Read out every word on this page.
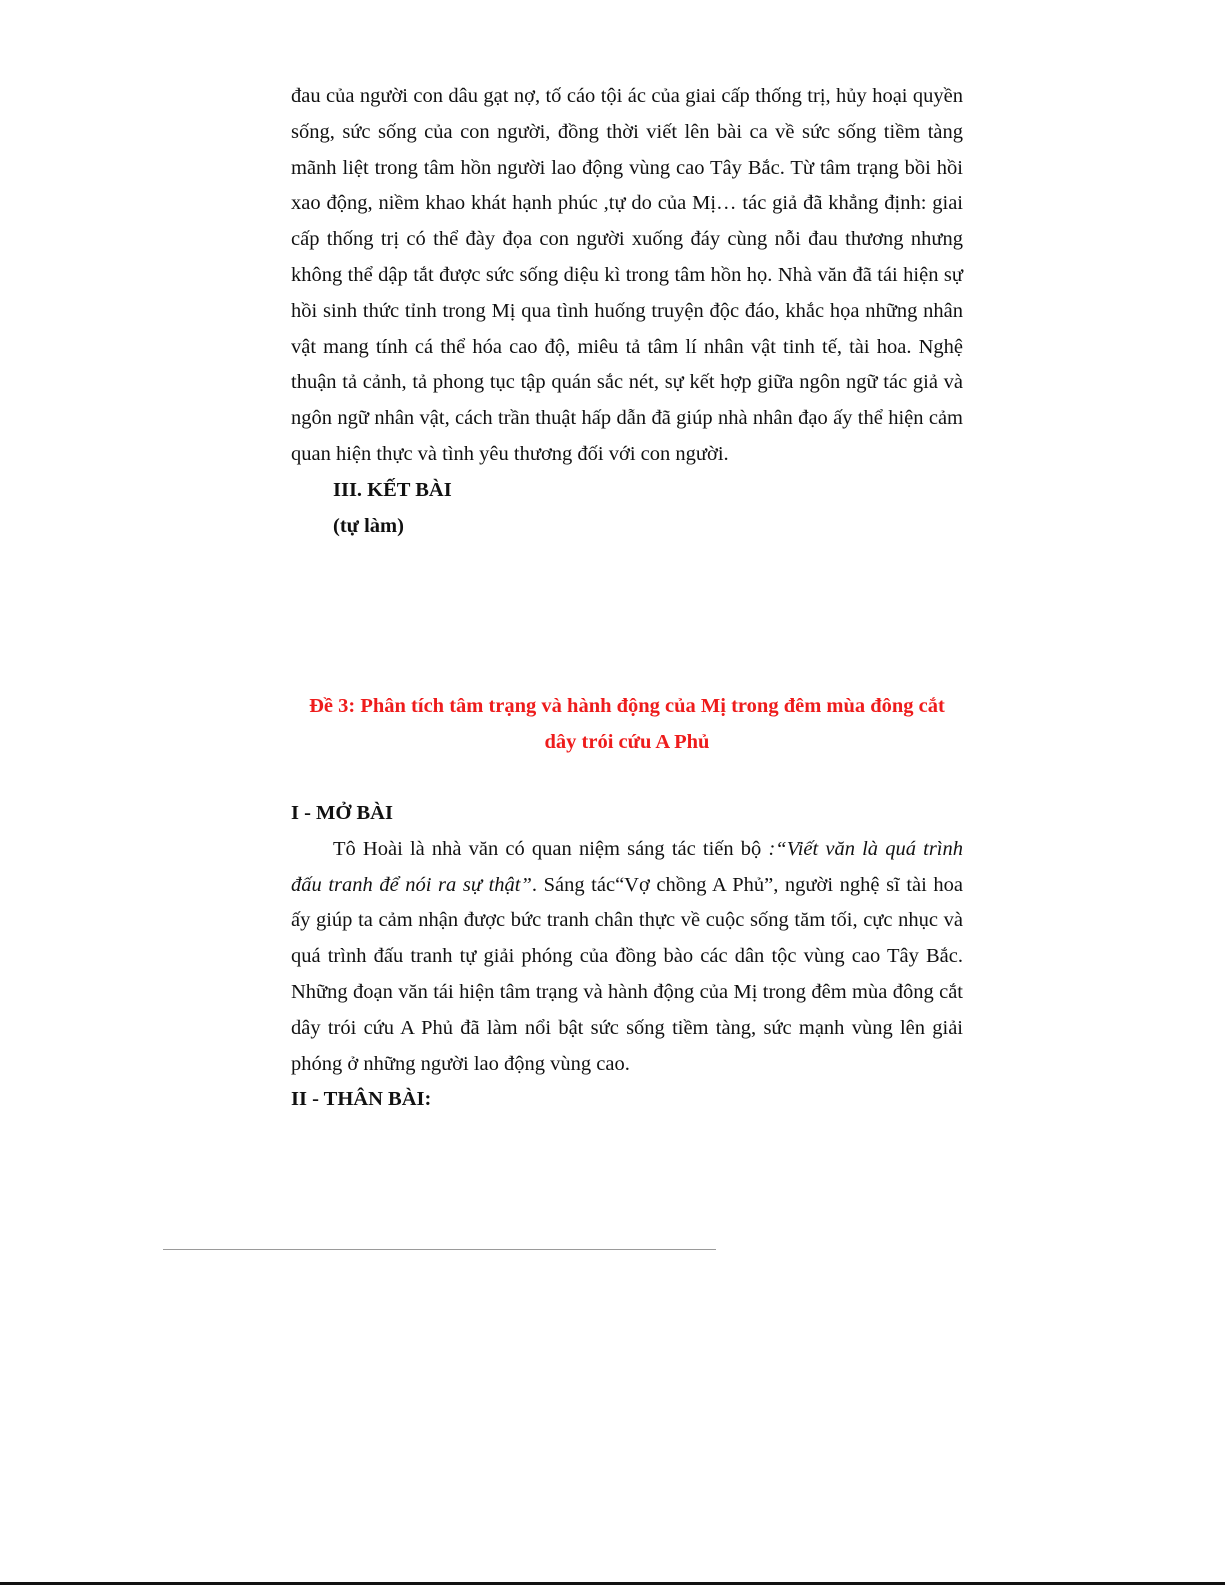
đau của người con dâu gạt nợ, tố cáo tội ác của giai cấp thống trị, hủy hoại quyền sống, sức sống của con người, đồng thời viết lên bài ca về sức sống tiềm tàng mãnh liệt trong tâm hồn người lao động vùng cao Tây Bắc. Từ tâm trạng bồi hồi xao động, niềm khao khát hạnh phúc ,tự do của Mị… tác giả đã khẳng định: giai cấp thống trị có thể đày đọa con người xuống đáy cùng nỗi đau thương nhưng không thể dập tắt được sức sống diệu kì trong tâm hồn họ. Nhà văn đã tái hiện sự hồi sinh thức tỉnh trong Mị qua tình huống truyện độc đáo, khắc họa những nhân vật mang tính cá thể hóa cao độ, miêu tả tâm lí nhân vật tinh tế, tài hoa. Nghệ thuận tả cảnh, tả phong tục tập quán sắc nét, sự kết hợp giữa ngôn ngữ tác giả và ngôn ngữ nhân vật, cách trần thuật hấp dẫn đã giúp nhà nhân đạo ấy thể hiện cảm quan hiện thực và tình yêu thương đối với con người.

III. KẾT BÀI

(tự làm)

Đề 3: Phân tích tâm trạng và hành động của Mị trong đêm mùa đông cắt
dây trói cứu A Phủ

I - MỞ BÀI

Tô Hoài là nhà văn có quan niệm sáng tác tiến bộ :“Viết văn là quá trình đấu tranh để nói ra sự thật”. Sáng tác“Vợ chồng A Phủ”, người nghệ sĩ tài hoa ấy giúp ta cảm nhận được bức tranh chân thực về cuộc sống tăm tối, cực nhục và quá trình đấu tranh tự giải phóng của đồng bào các dân tộc vùng cao Tây Bắc. Những đoạn văn tái hiện tâm trạng và hành động của Mị trong đêm mùa đông cắt dây trói cứu A Phủ đã làm nổi bật sức sống tiềm tàng, sức mạnh vùng lên giải phóng ở những người lao động vùng cao.

II - THÂN BÀI:
